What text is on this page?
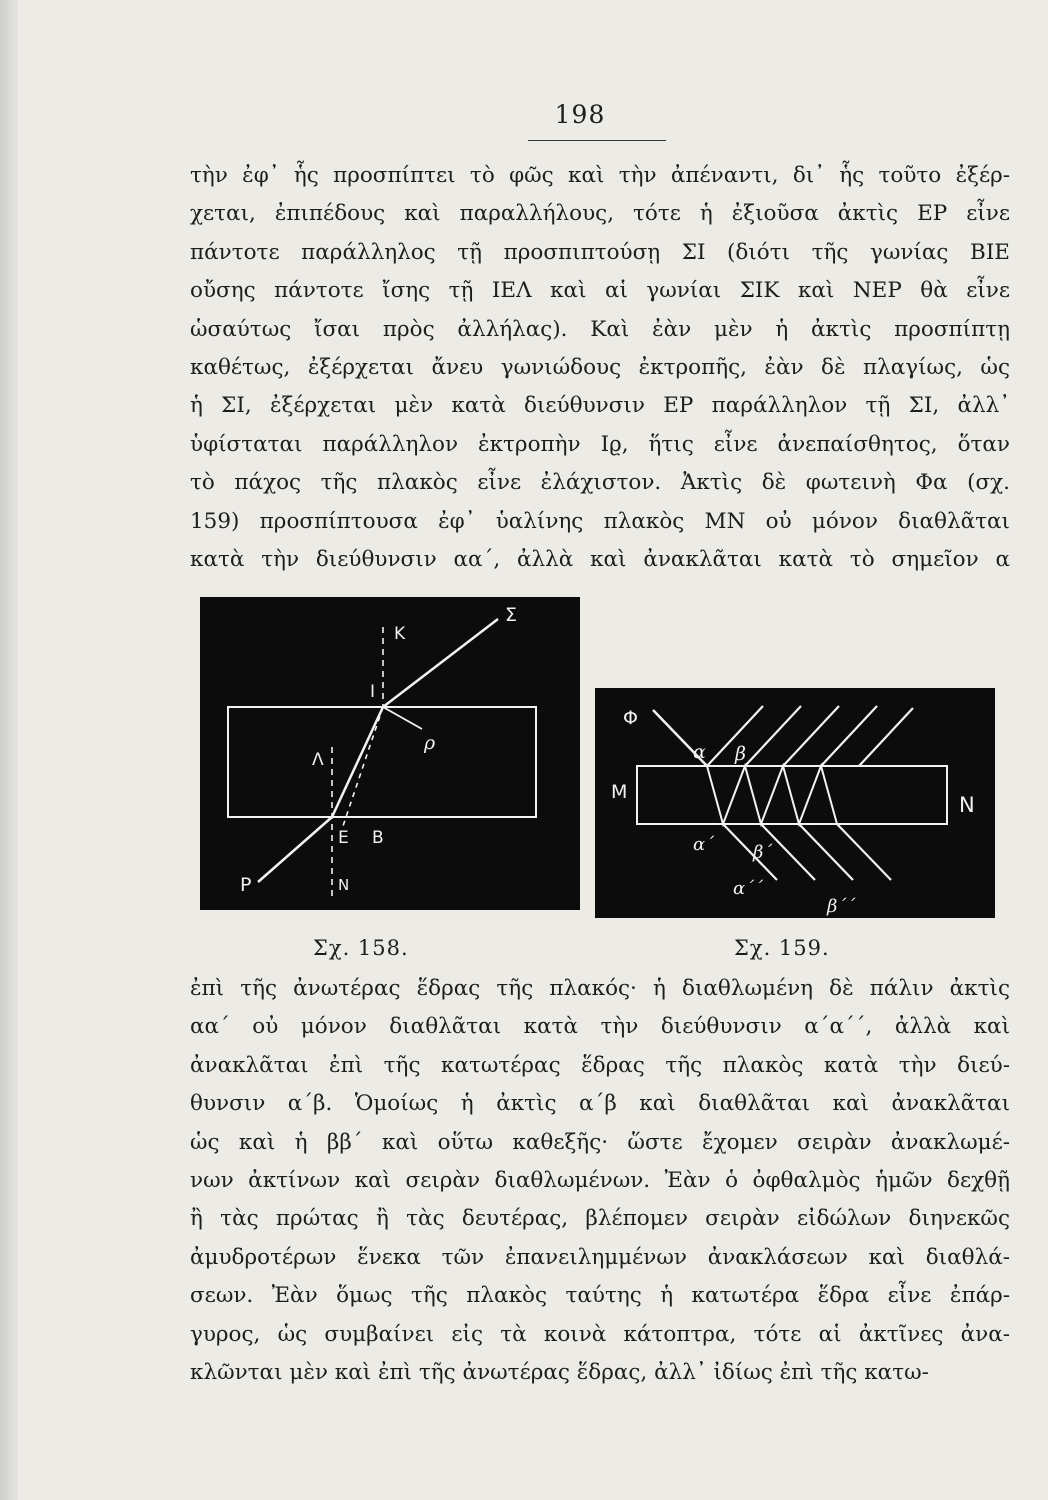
198
τὴν ἐφ᾽ ἧς προσπίπτει τὸ φῶς καὶ τὴν ἀπέναντι, δι᾽ ἧς τοῦτο ἐξέρ-
χεται, ἐπιπέδους καὶ παραλλήλους, τότε ἡ ἐξιοῦσα ἀκτὶς ΕΡ εἶνε
πάντοτε παράλληλος τῇ προσπιπτούσῃ ΣΙ (διότι τῆς γωνίας ΒΙΕ
οὔσης πάντοτε ἴσης τῇ ΙΕΛ καὶ αἱ γωνίαι ΣΙΚ καὶ ΝΕΡ θὰ εἶνε
ὡσαύτως ἴσαι πρὸς ἀλλήλας). Καὶ ἐὰν μὲν ἡ ἀκτὶς προσπίπτῃ
καθέτως, ἐξέρχεται ἄνευ γωνιώδους ἐκτροπῆς, ἐὰν δὲ πλαγίως, ὡς
ἡ ΣΙ, ἐξέρχεται μὲν κατὰ διεύθυνσιν ΕΡ παράλληλον τῇ ΣΙ, ἀλλ᾽
ὑφίσταται παράλληλον ἐκτροπὴν Ιϱ, ἥτις εἶνε ἀνεπαίσθητος, ὅταν
τὸ πάχος τῆς πλακὸς εἶνε ἐλάχιστον. Ἀκτὶς δὲ φωτεινὴ Φα (σχ.
159) προσπίπτουσα ἐφ᾽ ὑαλίνης πλακὸς ΜΝ οὐ μόνον διαθλᾶται
κατὰ τὴν διεύθυνσιν αα΄, ἀλλὰ καὶ ἀνακλᾶται κατὰ τὸ σημεῖον α
K
Σ
I
ρ
Λ
E B
P	N
Σχ. 158.
Φ
α β
M
N
α΄ β΄
α΄΄
β΄΄
Σχ. 159.
ἐπὶ τῆς ἀνωτέρας ἕδρας τῆς πλακός· ἡ διαθλωμένη δὲ πάλιν ἀκτὶς
αα΄ οὐ μόνον διαθλᾶται κατὰ τὴν διεύθυνσιν α΄α΄΄, ἀλλὰ καὶ
ἀνακλᾶται ἐπὶ τῆς κατωτέρας ἕδρας τῆς πλακὸς κατὰ τὴν διεύ-
θυνσιν α΄β. Ὁμοίως ἡ ἀκτὶς α΄β καὶ διαθλᾶται καὶ ἀνακλᾶται
ὡς καὶ ἡ ββ΄ καὶ οὕτω καθεξῆς· ὥστε ἔχομεν σειρὰν ἀνακλωμέ-
νων ἀκτίνων καὶ σειρὰν διαθλωμένων. Ἐὰν ὁ ὀφθαλμὸς ἡμῶν δεχθῇ
ἢ τὰς πρώτας ἢ τὰς δευτέρας, βλέπομεν σειρὰν εἰδώλων διηνεκῶς
ἀμυδροτέρων ἕνεκα τῶν ἐπανειλημμένων ἀνακλάσεων καὶ διαθλά-
σεων. Ἐὰν ὅμως τῆς πλακὸς ταύτης ἡ κατωτέρα ἕδρα εἶνε ἐπάρ-
γυρος, ὡς συμβαίνει εἰς τὰ κοινὰ κάτοπτρα, τότε αἱ ἀκτῖνες ἀνα-
κλῶνται μὲν καὶ ἐπὶ τῆς ἀνωτέρας ἕδρας, ἀλλ᾽ ἰδίως ἐπὶ τῆς κατω-
